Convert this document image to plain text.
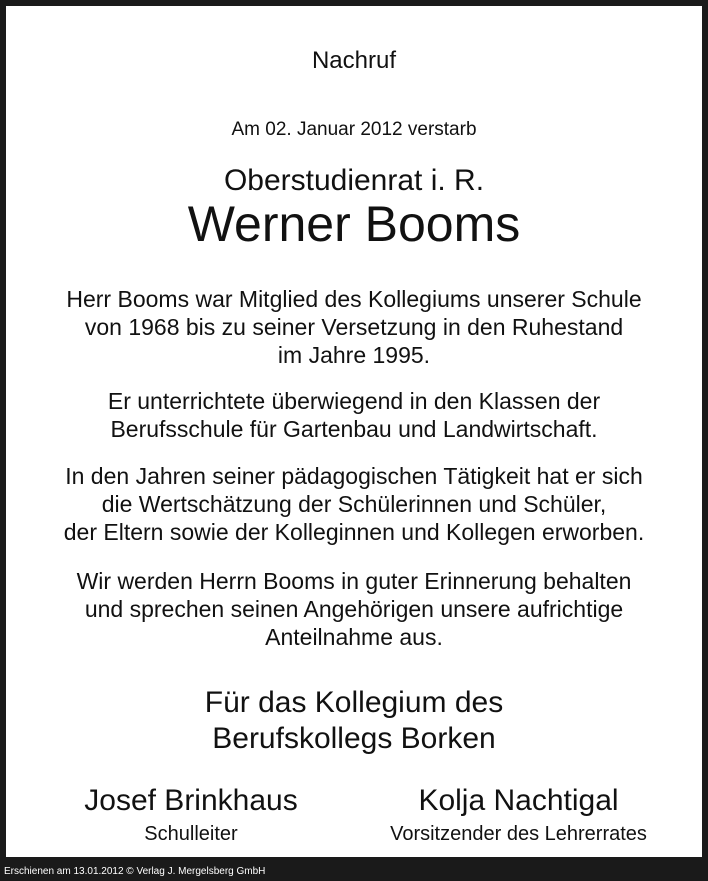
Nachruf
Am 02. Januar 2012 verstarb
Oberstudienrat i. R.
Werner Booms
Herr Booms war Mitglied des Kollegiums unserer Schule
von 1968 bis zu seiner Versetzung in den Ruhestand
im Jahre 1995.
Er unterrichtete überwiegend in den Klassen der
Berufsschule für Gartenbau und Landwirtschaft.
In den Jahren seiner pädagogischen Tätigkeit hat er sich
die Wertschätzung der Schülerinnen und Schüler,
der Eltern sowie der Kolleginnen und Kollegen erworben.
Wir werden Herrn Booms in guter Erinnerung behalten
und sprechen seinen Angehörigen unsere aufrichtige
Anteilnahme aus.
Für das Kollegium des
Berufskollegs Borken
Josef Brinkhaus
Schulleiter
Kolja Nachtigal
Vorsitzender des Lehrerrates
Erschienen am 13.01.2012 © Verlag J. Mergelsberg GmbH
